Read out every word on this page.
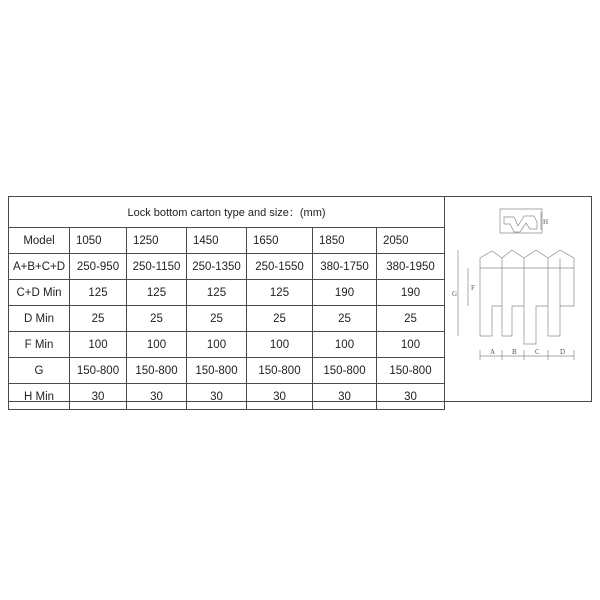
Lock bottom carton type and size：(mm)						
Model	1050	1250	1450	1650	1850	2050
A+B+C+D	250-950	250-1150	250-1350	250-1550	380-1750	380-1950
C+D Min	125	125	125	125	190	190
D Min	25	25	25	25	25	25
F Min	100	100	100	100	100	100
G	150-800	150-800	150-800	150-800	150-800	150-800
H Min	30	30	30	30	30	30
A B	C	D
F
G
H
